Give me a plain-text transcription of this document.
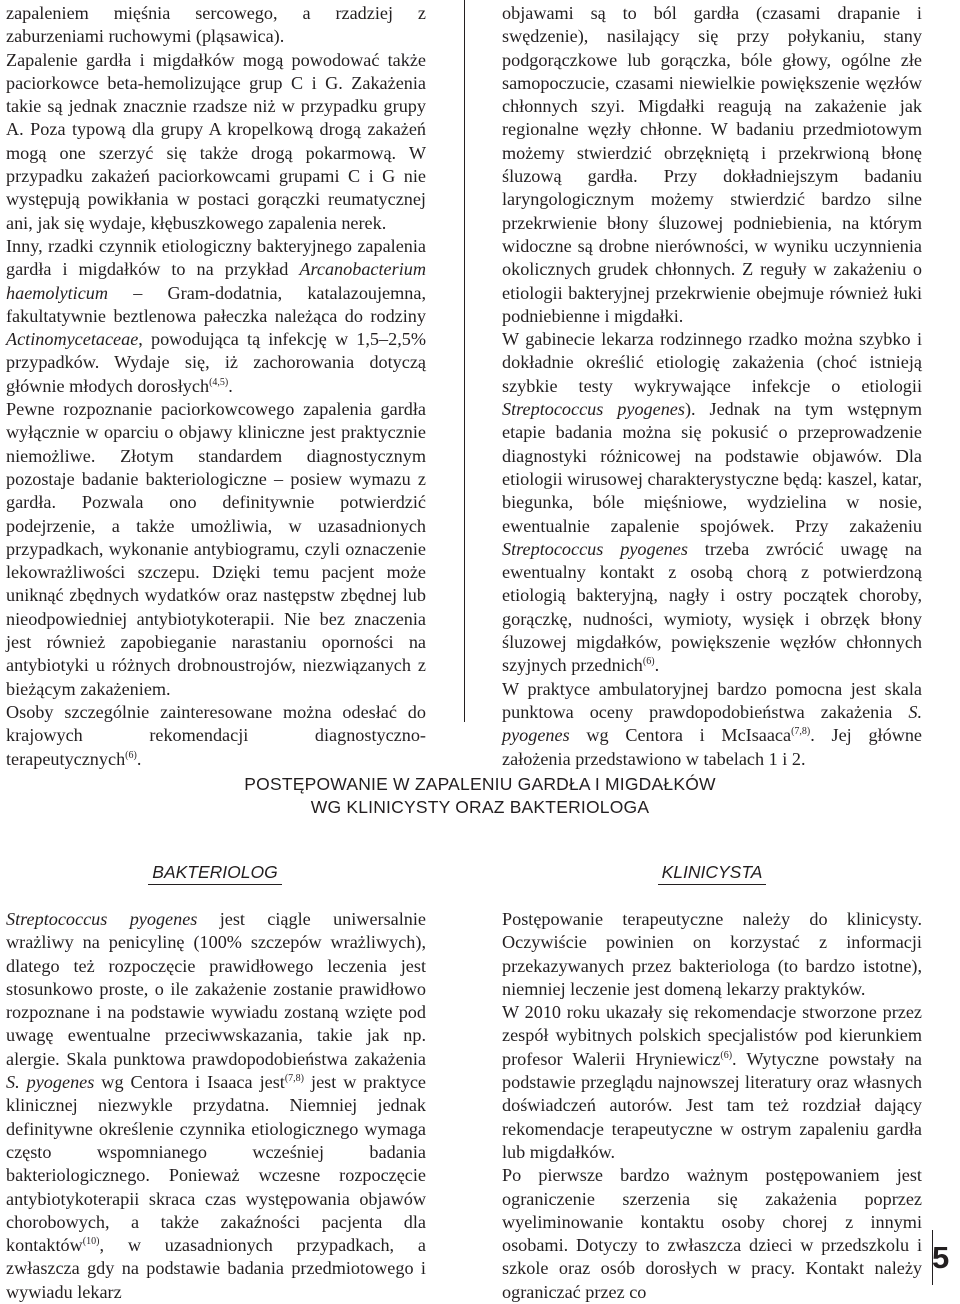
zapaleniem mięśnia sercowego, a rzadziej z zaburzeniami ruchowymi (pląsawica).

Zapalenie gardła i migdałków mogą powodować także paciorkowce beta-hemolizujące grup C i G. Zakażenia takie są jednak znacznie rzadsze niż w przypadku grupy A. Poza typową dla grupy A kropelkową drogą zakażeń mogą one szerzyć się także drogą pokarmową. W przypadku zakażeń paciorkowcami grupami C i G nie występują powikłania w postaci gorączki reumatycznej ani, jak się wydaje, kłębuszkowego zapalenia nerek.

Inny, rzadki czynnik etiologiczny bakteryjnego zapalenia gardła i migdałków to na przykład Arcanobacterium haemolyticum – Gram-dodatnia, katalazoujemna, fakultatywnie beztlenowa pałeczka należąca do rodziny Actinomycetaceae, powodująca tą infekcję w 1,5–2,5% przypadków. Wydaje się, iż zachorowania dotyczą głównie młodych dorosłych$^{(4,5)}$.

Pewne rozpoznanie paciorkowcowego zapalenia gardła wyłącznie w oparciu o objawy kliniczne jest praktycznie niemożliwe. Złotym standardem diagnostycznym pozostaje badanie bakteriologiczne – posiew wymazu z gardła. Pozwala ono definitywnie potwierdzić podejrzenie, a także umożliwia, w uzasadnionych przypadkach, wykonanie antybiogramu, czyli oznaczenie lekowrażliwości szczepu. Dzięki temu pacjent może uniknąć zbędnych wydatków oraz następstw zbędnej lub nieodpowiedniej antybiotykoterapii. Nie bez znaczenia jest również zapobieganie narastaniu oporności na antybiotyki u różnych drobnoustrojów, niezwiązanych z bieżącym zakażeniem.

Osoby szczególnie zainteresowane można odesłać do krajowych rekomendacji diagnostyczno-terapeutycznych$^{(6)}$.

objawami są to ból gardła (czasami drapanie i swędzenie), nasilający się przy połykaniu, stany podgorączkowe lub gorączka, bóle głowy, ogólne złe samopoczucie, czasami niewielkie powiększenie węzłów chłonnych szyi. Migdałki reagują na zakażenie jak regionalne węzły chłonne. W badaniu przedmiotowym możemy stwierdzić obrzękniętą i przekrwioną błonę śluzową gardła. Przy dokładniejszym badaniu laryngologicznym możemy stwierdzić bardzo silne przekrwienie błony śluzowej podniebienia, na którym widoczne są drobne nierówności, w wyniku uczynnienia okolicznych grudek chłonnych. Z reguły w zakażeniu o etiologii bakteryjnej przekrwienie obejmuje również łuki podniebienne i migdałki.

W gabinecie lekarza rodzinnego rzadko można szybko i dokładnie określić etiologię zakażenia (choć istnieją szybkie testy wykrywające infekcje o etiologii Streptococcus pyogenes). Jednak na tym wstępnym etapie badania można się pokusić o przeprowadzenie diagnostyki różnicowej na podstawie objawów. Dla etiologii wirusowej charakterystyczne będą: kaszel, katar, biegunka, bóle mięśniowe, wydzielina w nosie, ewentualnie zapalenie spojówek. Przy zakażeniu Streptococcus pyogenes trzeba zwrócić uwagę na ewentualny kontakt z osobą chorą z potwierdzoną etiologią bakteryjną, nagły i ostry początek choroby, gorączkę, nudności, wymioty, wysięk i obrzęk błony śluzowej migdałków, powiększenie węzłów chłonnych szyjnych przednich$^{(6)}$.

W praktyce ambulatoryjnej bardzo pomocna jest skala punktowa oceny prawdopodobieństwa zakażenia S. pyogenes wg Centora i McIsaaca$^{(7,8)}$. Jej główne założenia przedstawiono w tabelach 1 i 2.

POSTĘPOWANIE W ZAPALENIU GARDŁA I MIGDAŁKÓW
WG KLINICYSTY ORAZ BAKTERIOLOGA
BAKTERIOLOG	KLINICYSTA

Streptococcus pyogenes jest ciągle uniwersalnie wrażliwy na penicylinę (100% szczepów wrażliwych), dlatego też rozpoczęcie prawidłowego leczenia jest stosunkowo proste, o ile zakażenie zostanie prawidłowo rozpoznane i na podstawie wywiadu zostaną wzięte pod uwagę ewentualne przeciwwskazania, takie jak np. alergie. Skala punktowa prawdopodobieństwa zakażenia S. pyogenes wg Centora i Isaaca jest$^{(7,8)}$ jest w praktyce klinicznej niezwykle przydatna. Niemniej jednak definitywne określenie czynnika etiologicznego wymaga często wspomnianego wcześniej badania bakteriologicznego. Ponieważ wczesne rozpoczęcie antybiotykoterapii skraca czas występowania objawów chorobowych, a także zakaźności pacjenta dla kontaktów$^{(10)}$, w uzasadnionych przypadkach, a zwłaszcza gdy na podstawie badania przedmiotowego i wywiadu lekarz

Postępowanie terapeutyczne należy do klinicysty. Oczywiście powinien on korzystać z informacji przekazywanych przez bakteriologa (to bardzo istotne), niemniej leczenie jest domeną lekarzy praktyków.

W 2010 roku ukazały się rekomendacje stworzone przez zespół wybitnych polskich specjalistów pod kierunkiem profesor Walerii Hryniewicz$^{(6)}$. Wytyczne powstały na podstawie przeglądu najnowszej literatury oraz własnych doświadczeń autorów. Jest tam też rozdział dający rekomendacje terapeutyczne w ostrym zapaleniu gardła lub migdałków.

Po pierwsze bardzo ważnym postępowaniem jest ograniczenie szerzenia się zakażenia poprzez wyeliminowanie kontaktu osoby chorej z innymi osobami. Dotyczy to zwłaszcza dzieci w przedszkolu i szkole oraz osób dorosłych w pracy. Kontakt należy ograniczać przez co

5
